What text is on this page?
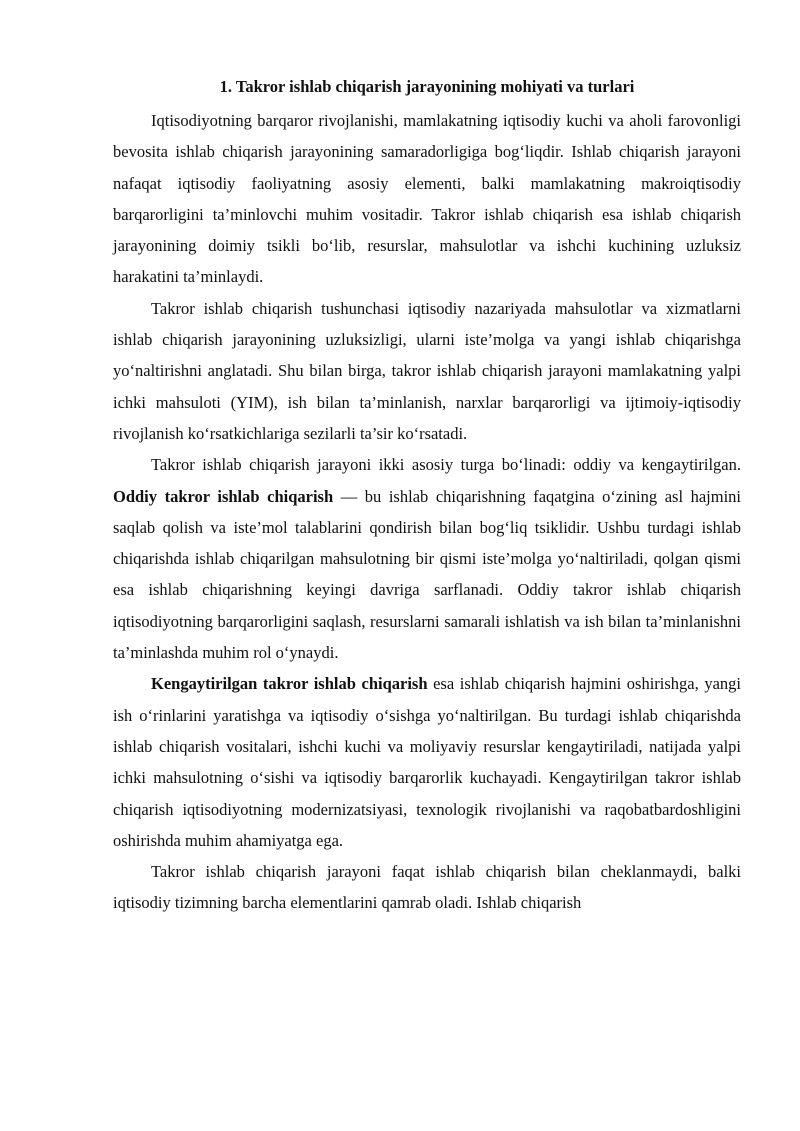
1. Takror ishlab chiqarish jarayonining mohiyati va turlari

Iqtisodiyotning barqaror rivojlanishi, mamlakatning iqtisodiy kuchi va aholi farovonligi bevosita ishlab chiqarish jarayonining samaradorligiga bog‘liqdir. Ishlab chiqarish jarayoni nafaqat iqtisodiy faoliyatning asosiy elementi, balki mamlakatning makroiqtisodiy barqarorligini ta’minlovchi muhim vositadir. Takror ishlab chiqarish esa ishlab chiqarish jarayonining doimiy tsikli bo‘lib, resurslar, mahsulotlar va ishchi kuchining uzluksiz harakatini ta’minlaydi.

Takror ishlab chiqarish tushunchasi iqtisodiy nazariyada mahsulotlar va xizmatlarni ishlab chiqarish jarayonining uzluksizligi, ularni iste’molga va yangi ishlab chiqarishga yo‘naltirishni anglatadi. Shu bilan birga, takror ishlab chiqarish jarayoni mamlakatning yalpi ichki mahsuloti (YIM), ish bilan ta’minlanish, narxlar barqarorligi va ijtimoiy-iqtisodiy rivojlanish ko‘rsatkichlariga sezilarli ta’sir ko‘rsatadi.

Takror ishlab chiqarish jarayoni ikki asosiy turga bo‘linadi: oddiy va kengaytirilgan. Oddiy takror ishlab chiqarish — bu ishlab chiqarishning faqatgina o‘zining asl hajmini saqlab qolish va iste’mol talablarini qondirish bilan bog‘liq tsiklidir. Ushbu turdagi ishlab chiqarishda ishlab chiqarilgan mahsulotning bir qismi iste’molga yo‘naltiriladi, qolgan qismi esa ishlab chiqarishning keyingi davriga sarflanadi. Oddiy takror ishlab chiqarish iqtisodiyotning barqarorligini saqlash, resurslarni samarali ishlatish va ish bilan ta’minlanishni ta’minlashda muhim rol o‘ynaydi.

Kengaytirilgan takror ishlab chiqarish esa ishlab chiqarish hajmini oshirishga, yangi ish o‘rinlarini yaratishga va iqtisodiy o‘sishga yo‘naltirilgan. Bu turdagi ishlab chiqarishda ishlab chiqarish vositalari, ishchi kuchi va moliyaviy resurslar kengaytiriladi, natijada yalpi ichki mahsulotning o‘sishi va iqtisodiy barqarorlik kuchayadi. Kengaytirilgan takror ishlab chiqarish iqtisodiyotning modernizatsiyasi, texnologik rivojlanishi va raqobatbardoshligini oshirishda muhim ahamiyatga ega.

Takror ishlab chiqarish jarayoni faqat ishlab chiqarish bilan cheklanmaydi, balki iqtisodiy tizimning barcha elementlarini qamrab oladi. Ishlab chiqarish
